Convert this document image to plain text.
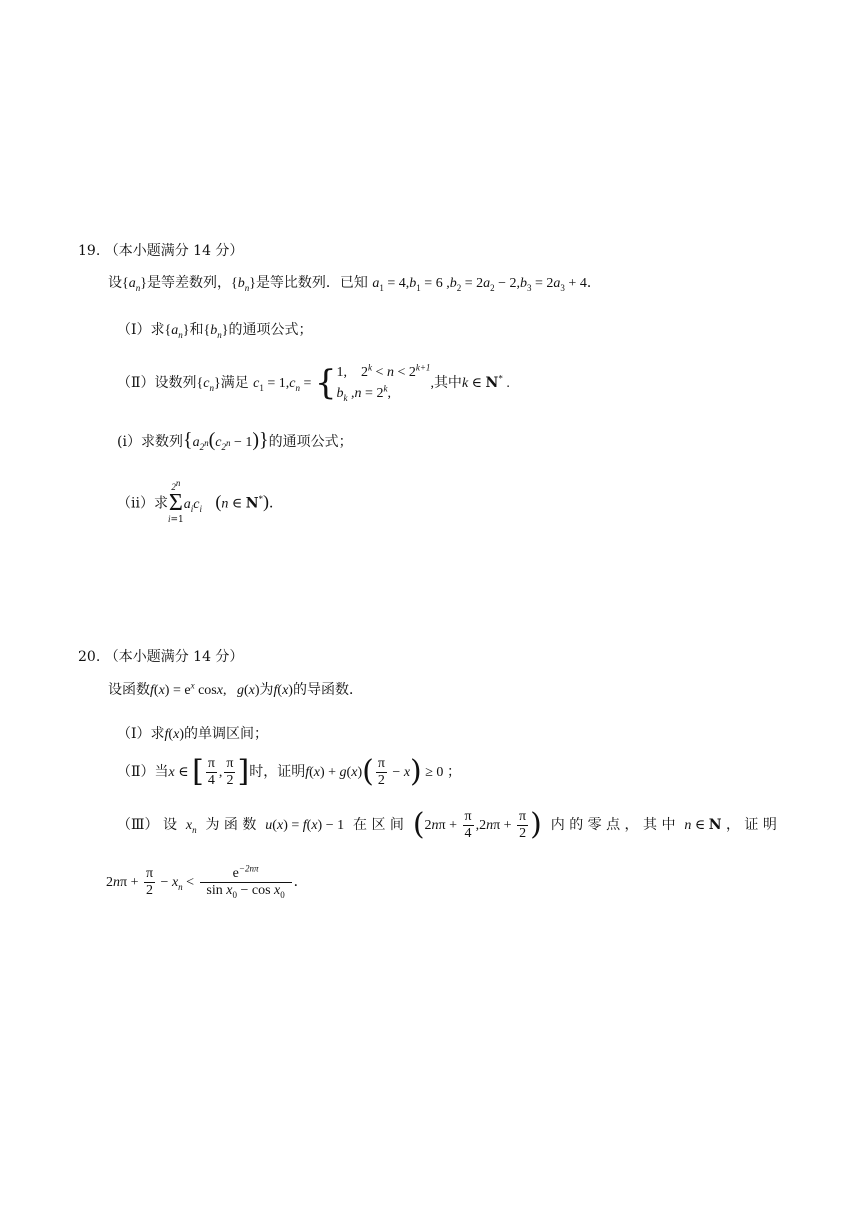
19. （本小题满分 14 分）
设$\{a_n\}$是等差数列，$\{b_n\}$是等比数列．已知 $a_1 = 4,b_1 = 6$ $,b_2 = 2a_2 - 2,b_3 = 2a_3 + 4$．
（Ⅰ）求$\{a_n\}$和$\{b_n\}$的通项公式；
（Ⅱ）设数列$\{c_n\}$满足 $c_1 = 1,c_n = \{1$,    $2^k < n < 2^{k+1}$
$b_k$ $,n = 2^k$,,其中k ∈ N* .
(i）求数列$\{a_{2^n}(c_{2^n} - 1)\}$的通项公式；
（ii）求
2$^n$
Σ
i=1
$a_ic_i$ (n ∈ N*)．
20. （本小题满分 14 分）
设函数$f(x) = e^x$ cosx,   g(x)为f(x)的导函数．
（Ⅰ）求f(x)的单调区间；
（Ⅱ）当x ∈ [ $\frac{\pi}{4}$ , $\frac{\pi}{2}$ ]时，证明$f(x) + g(x)( \frac{\pi}{2} - x) \ge 0$ ；
（Ⅲ） 设 $x_n$ 为 函 数 u(x) = f(x) − 1 在 区 间 ($2n\pi + \frac{\pi}{4} ,2n\pi + \frac{\pi}{2}$ ) 内 的 零 点 ， 其 中 n ∈ N ， 证 明
$2n\pi + \frac{\pi}{2} - x_n < \frac{e^{-2n\pi}}{\sin x_0 - \cos x_0}$ ．
